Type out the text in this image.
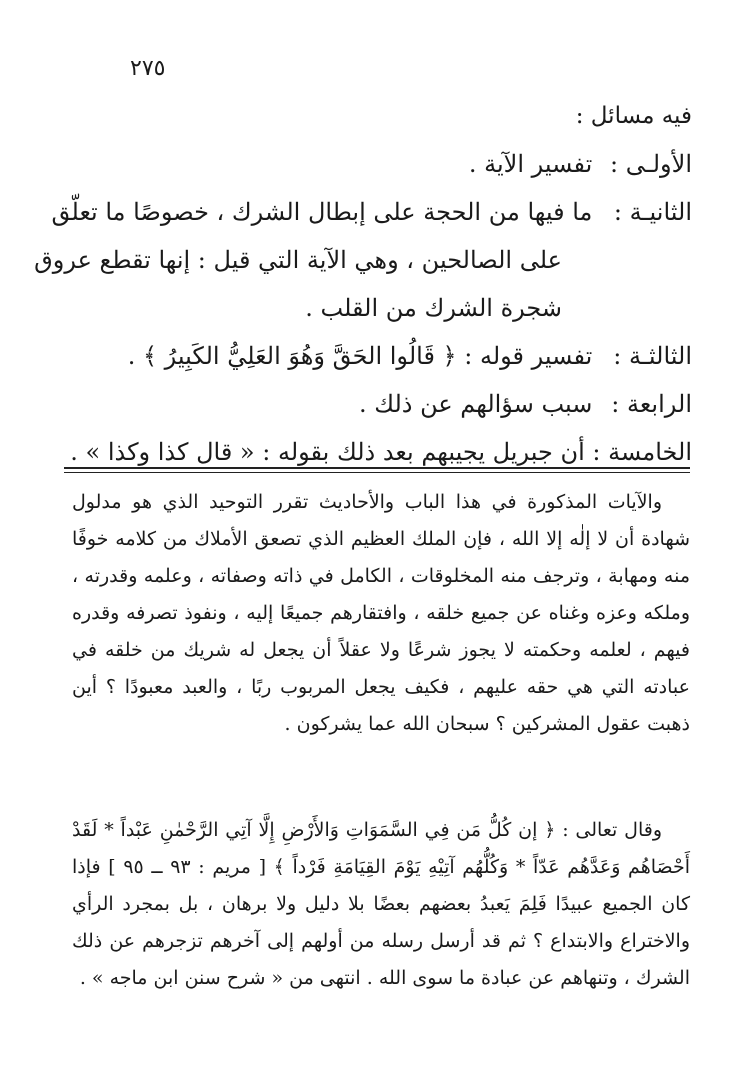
٢٧٥
فيه مسائل :
الأولـى : تفسير الآية .
الثانيـة : ما فيها من الحجة على إبطال الشرك ، خصوصًا ما تعلّق
على الصالحين ، وهي الآية التي قيل : إنها تقطع عروق
شجرة الشرك من القلب .
الثالثـة : تفسير قوله : ﴿ قَالُوا الحَقَّ وَهُوَ العَلِيُّ الكَبِيرُ ﴾ .
الرابعة : سبب سؤالهم عن ذلك .
الخامسة : أن جبريل يجيبهم بعد ذلك بقوله : « قال كذا وكذا » .

والآيات المذكورة في هذا الباب والأحاديث تقرر التوحيد الذي هو مدلول شهادة أن لا إلٰه إلا الله ، فإن الملك العظيم الذي تصعق الأملاك من كلامه خوفًا منه ومهابة ، وترجف منه المخلوقات ، الكامل في ذاته وصفاته ، وعلمه وقدرته ، وملكه وعزه وغناه عن جميع خلقه ، وافتقارهم جميعًا إليه ، ونفوذ تصرفه وقدره فيهم ، لعلمه وحكمته لا يجوز شرعًا ولا عقلاً أن يجعل له شريك من خلقه في عبادته التي هي حقه عليهم ، فكيف يجعل المربوب ربًا ، والعبد معبودًا ؟ أين ذهبت عقول المشركين ؟ سبحان الله عما يشركون .

وقال تعالى : ﴿ إن كُلُّ مَن فِي السَّمَوَاتِ وَالأَرْضِ إِلَّا آتِي الرَّحْمٰنِ عَبْداً * لَقَدْ أَحْصَاهُم وَعَدَّهُم عَدّاً * وَكُلُّهُم آتِيْهِ يَوْمَ القِيَامَةِ فَرْداً ﴾ [ مريم : ٩٣ ــ ٩٥ ] فإذا كان الجميع عبيدًا فَلِمَ يَعبدُ بعضهم بعضًا بلا دليل ولا برهان ، بل بمجرد الرأي والاختراع والابتداع ؟ ثم قد أرسل رسله من أولهم إلى آخرهم تزجرهم عن ذلك الشرك ، وتنهاهم عن عبادة ما سوى الله . انتهى من « شرح سنن ابن ماجه » .
